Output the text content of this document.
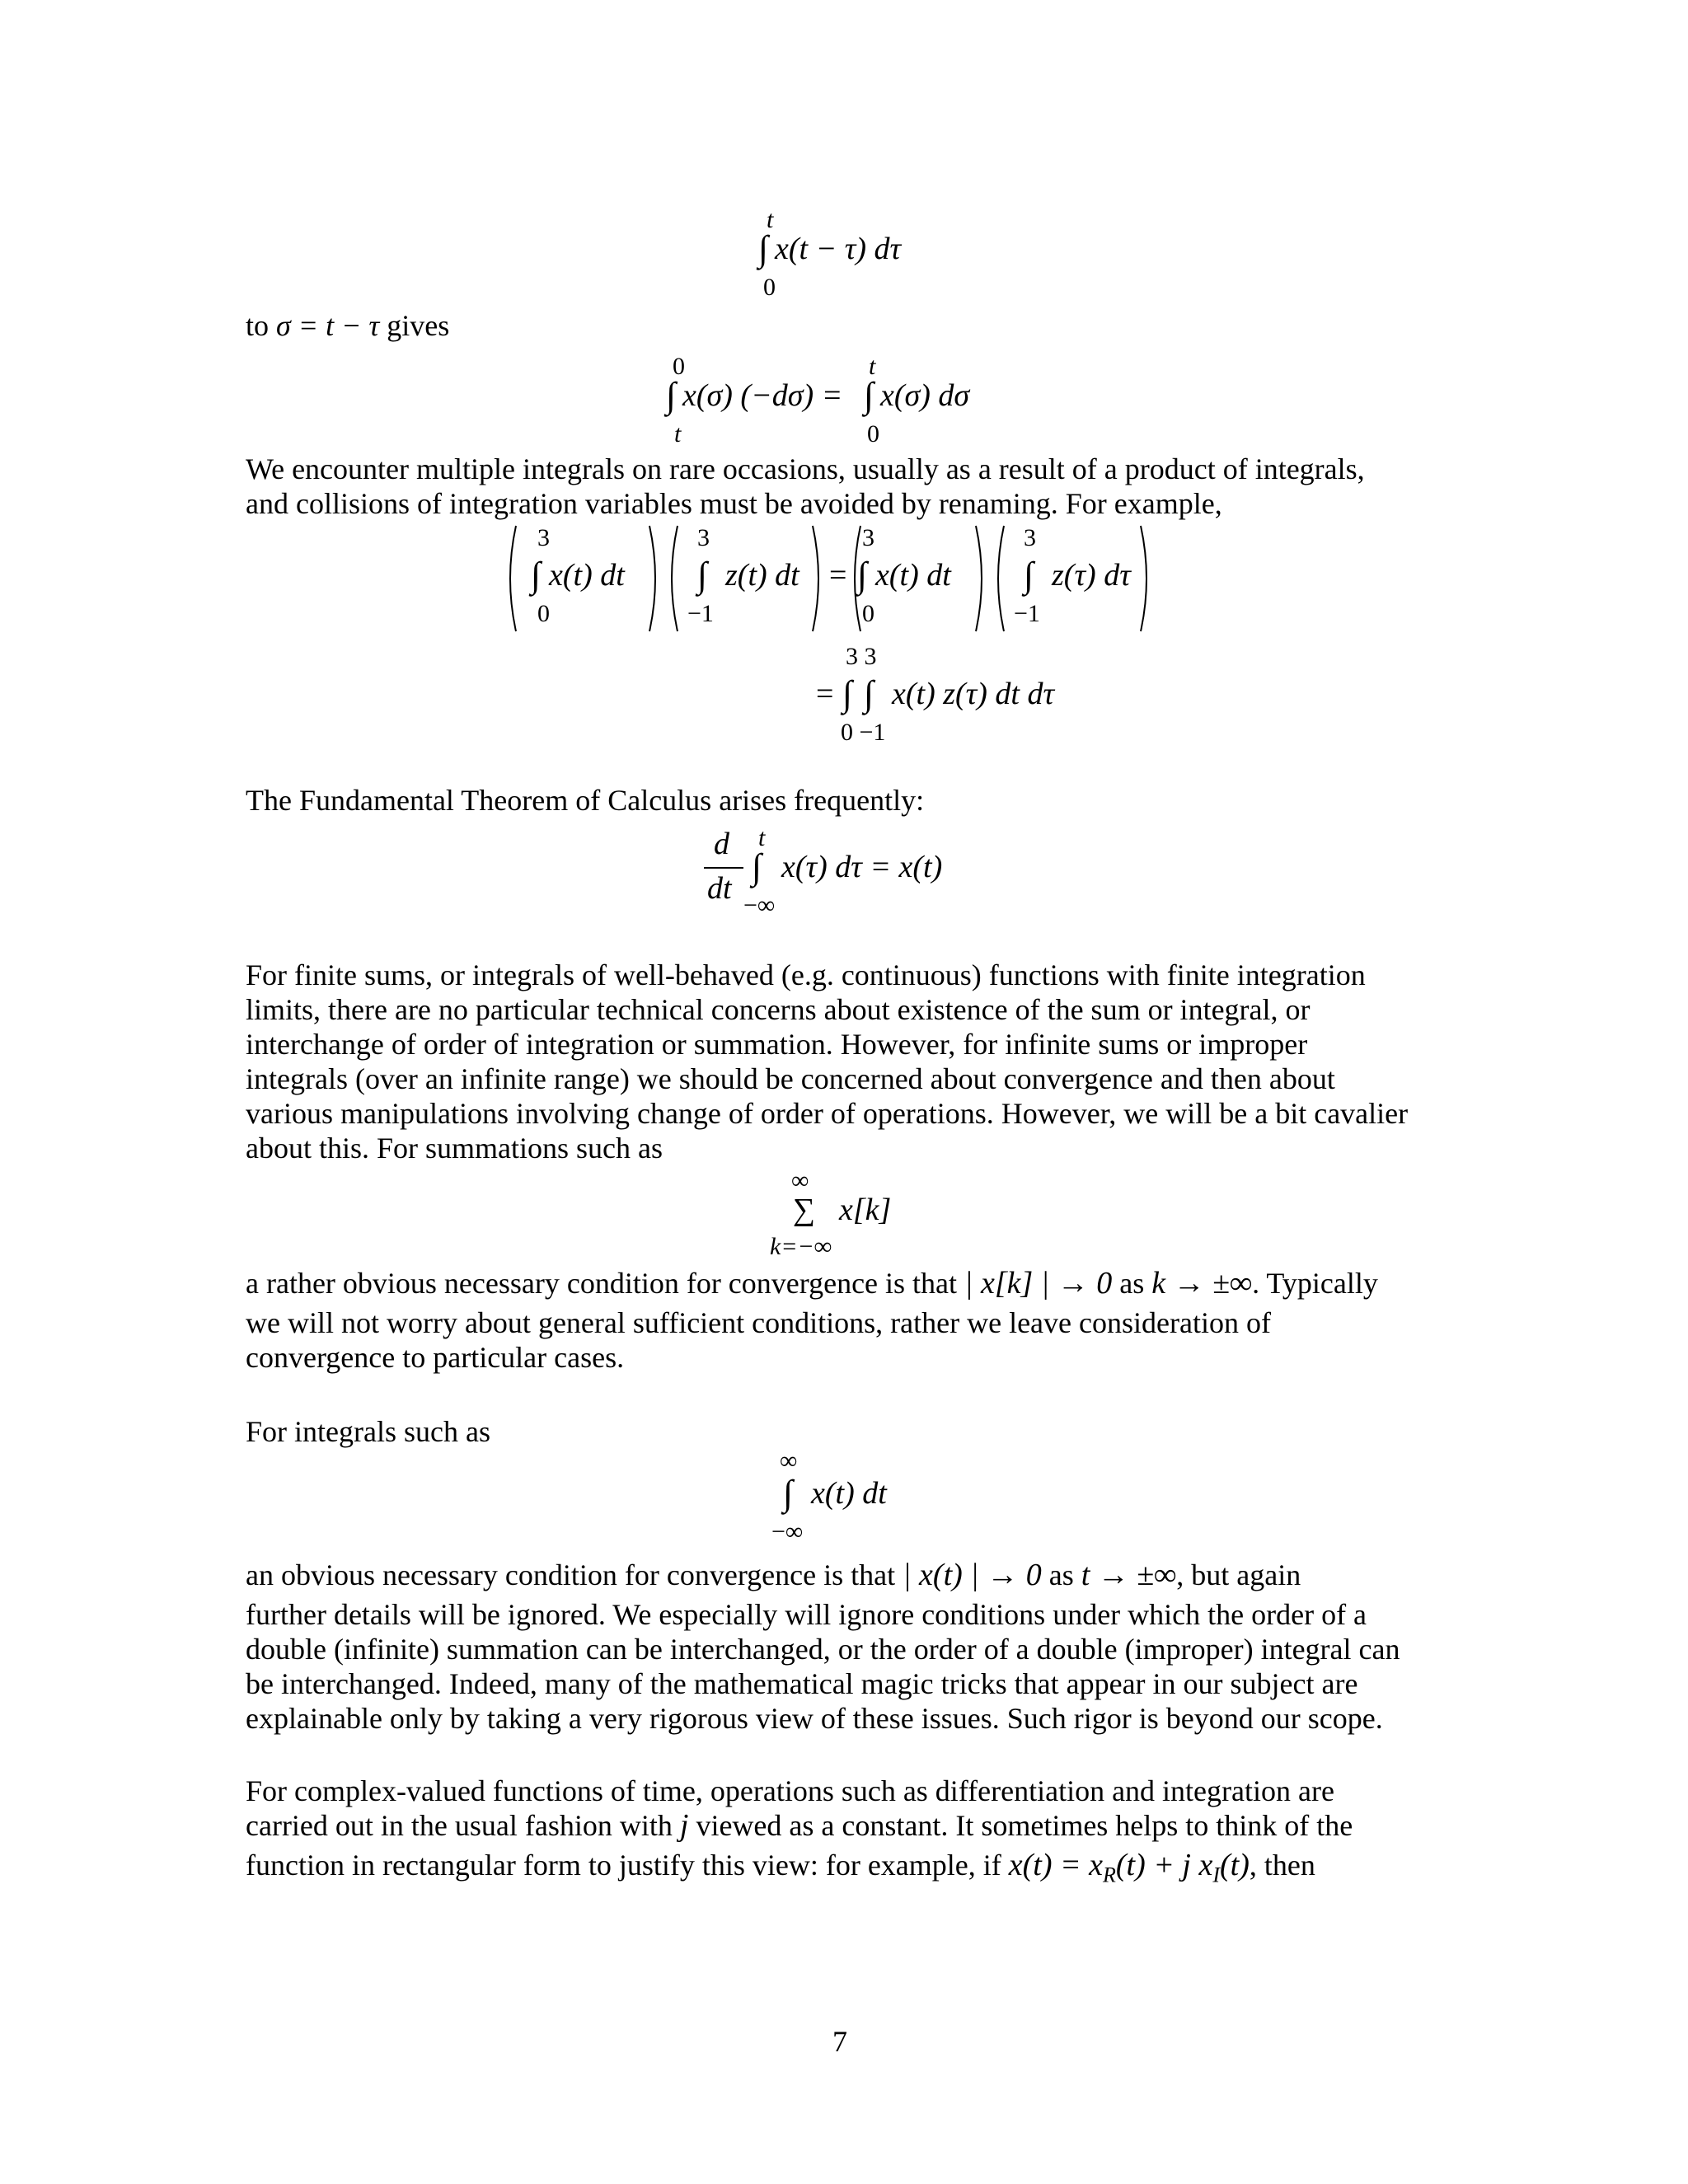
t
∫ x(t − τ) dτ
0
to σ = t − τ gives
0
∫ x(σ) (−dσ) =
t
t
∫ x(σ) dσ
0
We encounter multiple integrals on rare occasions, usually as a result of a product of integrals,
and collisions of integration variables must be avoided by renaming. For example,
3
∫ x(t) dt
0
3
∫ z(t) dt
−1
=
3
∫ x(t) dt
0
3
∫ z(τ) dτ
−1
=
3 3
∫ ∫ x(t) z(τ) dt dτ
0 −1
The Fundamental Theorem of Calculus arises frequently:
d
dt
t
∫ x(τ) dτ = x(t)
−∞
For finite sums, or integrals of well-behaved (e.g. continuous) functions with finite integration
limits, there are no particular technical concerns about existence of the sum or integral, or
interchange of order of integration or summation. However, for infinite sums or improper
integrals (over an infinite range) we should be concerned about convergence and then about
various manipulations involving change of order of operations. However, we will be a bit cavalier
about this. For summations such as
∞
∑ x[k]
k=−∞
a rather obvious necessary condition for convergence is that | x[k] | → 0 as k → ±∞. Typically
we will not worry about general sufficient conditions, rather we leave consideration of
convergence to particular cases.
For integrals such as
∞
∫ x(t) dt
−∞
an obvious necessary condition for convergence is that | x(t) | → 0 as t → ±∞, but again
further details will be ignored. We especially will ignore conditions under which the order of a
double (infinite) summation can be interchanged, or the order of a double (improper) integral can
be interchanged. Indeed, many of the mathematical magic tricks that appear in our subject are
explainable only by taking a very rigorous view of these issues. Such rigor is beyond our scope.
For complex-valued functions of time, operations such as differentiation and integration are
carried out in the usual fashion with j viewed as a constant. It sometimes helps to think of the
function in rectangular form to justify this view: for example, if $x(t) = x_R(t) + j$ $x_I(t)$, then
7
